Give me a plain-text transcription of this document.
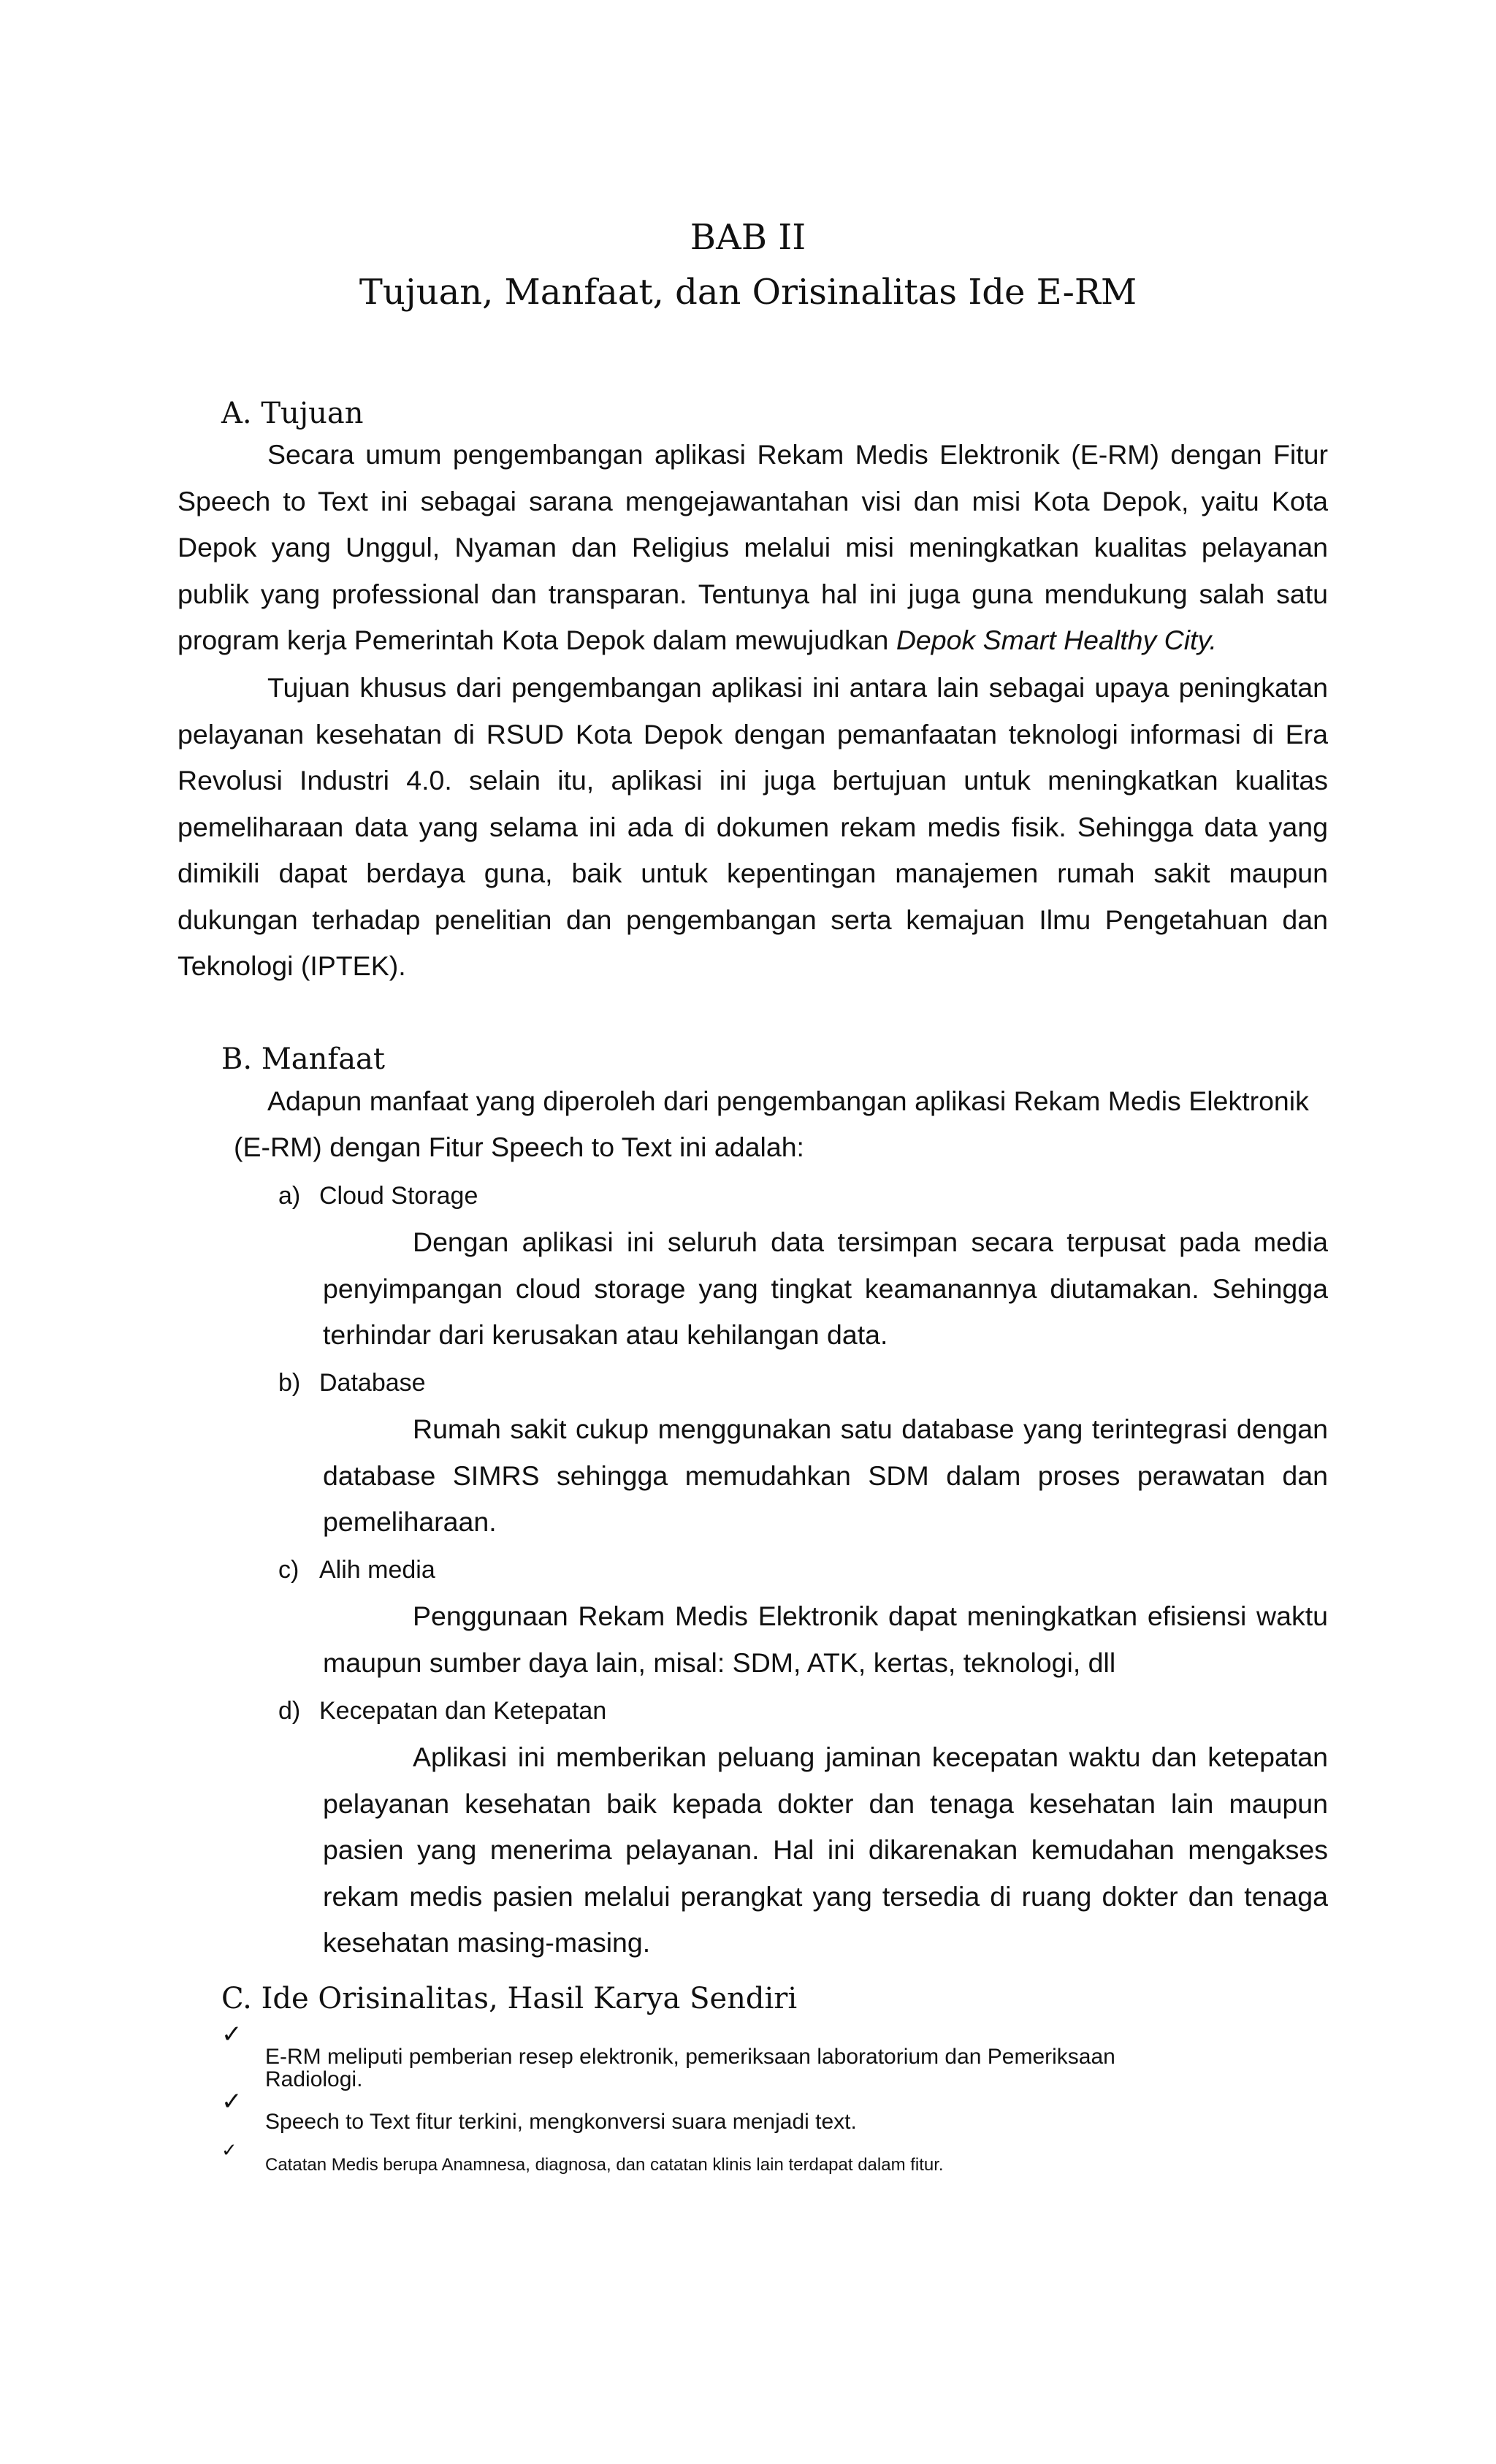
BAB II
Tujuan, Manfaat, dan Orisinalitas Ide E-RM
A. Tujuan
Secara umum pengembangan aplikasi Rekam Medis Elektronik (E-RM) dengan Fitur Speech to Text ini sebagai sarana mengejawantahan visi dan misi Kota Depok, yaitu Kota Depok yang Unggul, Nyaman dan Religius melalui misi meningkatkan kualitas pelayanan publik yang professional dan transparan. Tentunya hal ini juga guna mendukung salah satu program kerja Pemerintah Kota Depok dalam mewujudkan Depok Smart Healthy City.
Tujuan khusus dari pengembangan aplikasi ini antara lain sebagai upaya peningkatan pelayanan kesehatan di RSUD Kota Depok dengan pemanfaatan teknologi informasi di Era Revolusi Industri 4.0. selain itu, aplikasi ini juga bertujuan untuk meningkatkan kualitas pemeliharaan data yang selama ini ada di dokumen rekam medis fisik. Sehingga data yang dimikili dapat berdaya guna, baik untuk kepentingan manajemen rumah sakit maupun dukungan terhadap penelitian dan pengembangan serta kemajuan Ilmu Pengetahuan dan Teknologi (IPTEK).
B. Manfaat
Adapun manfaat yang diperoleh dari pengembangan aplikasi Rekam Medis Elektronik
(E-RM) dengan Fitur Speech to Text ini adalah:
a) Cloud Storage
Dengan aplikasi ini seluruh data tersimpan secara terpusat pada media penyimpangan cloud storage yang tingkat keamanannya diutamakan. Sehingga terhindar dari kerusakan atau kehilangan data.
b) Database
Rumah sakit cukup menggunakan satu database yang terintegrasi dengan database SIMRS sehingga memudahkan SDM dalam proses perawatan dan pemeliharaan.
c) Alih media
Penggunaan Rekam Medis Elektronik dapat meningkatkan efisiensi waktu maupun sumber daya lain, misal: SDM, ATK, kertas, teknologi, dll
d) Kecepatan dan Ketepatan
Aplikasi ini memberikan peluang jaminan kecepatan waktu dan ketepatan pelayanan kesehatan baik kepada dokter dan tenaga kesehatan lain maupun pasien yang menerima pelayanan. Hal ini dikarenakan kemudahan mengakses rekam medis pasien melalui perangkat yang tersedia di ruang dokter dan tenaga kesehatan masing-masing.
C. Ide Orisinalitas, Hasil Karya Sendiri
✓
E-RM meliputi pemberian resep elektronik, pemeriksaan laboratorium dan Pemeriksaan
Radiologi.
✓
Speech to Text fitur terkini, mengkonversi suara menjadi text.
✓
Catatan Medis berupa Anamnesa, diagnosa, dan catatan klinis lain terdapat dalam fitur.
